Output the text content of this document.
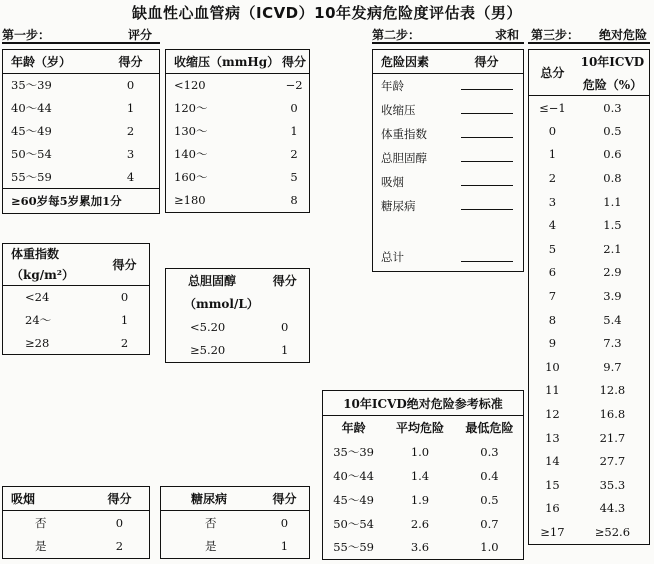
缺血性心血管病（ICVD）10年发病危险度评估表（男）
第一步：	评分	第二步：	求和 第三步： 绝对危险
年龄（岁）	得分
35～39	0
40～44	1
45～49	2
50～54	3
55～59	4
≥60岁每5岁累加1分	
收缩压（mmHg）	得分
<120	−2
120～	0
130～	1
140～	2
160～	5
≥180	8
体重指数	得分
（kg/m²）	
<24	0
24～	1
≥28	2
总胆固醇	得分
（mmol/L）	
<5.20	0
≥5.20	1
吸烟	得分
否	0
是	2
糖尿病	得分
否	0
是	1
危险因素	得分
年龄	
收缩压	
体重指数	
总胆固醇	
吸烟	
糖尿病	

总计	
10年ICVD绝对危险参考标准		
年龄	平均危险	最低危险
35～39	1.0	0.3
40～44	1.4	0.4
45～49	1.9	0.5
50～54	2.6	0.7
55～59	3.6	1.0
总分	10年ICVD
	危险（%）
≤−1	0.3
0	0.5
1	0.6
2	0.8
3	1.1
4	1.5
5	2.1
6	2.9
7	3.9
8	5.4
9	7.3
10	9.7
11	12.8
12	16.8
13	21.7
14	27.7
15	35.3
16	44.3
≥17	≥52.6
